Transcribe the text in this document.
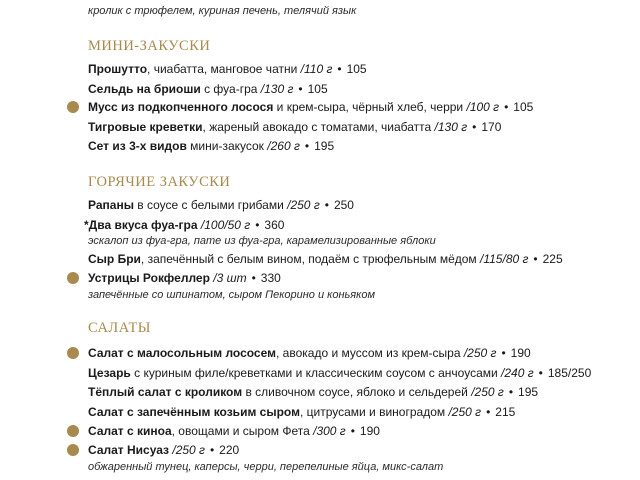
кролик с трюфелем, куриная печень, телячий язык
МИНИ-ЗАКУСКИ
Прошутто, чиабатта, манговое чатни /110 г • 105
Сельдь на бриоши с фуа-гра /130 г • 105
Мусс из подкопченного лосося и крем-сыра, чёрный хлеб, черри /100 г • 105
Тигровые креветки, жареный авокадо с томатами, чиабатта /130 г • 170
Сет из 3-х видов мини-закусок /260 г • 195
ГОРЯЧИЕ ЗАКУСКИ
Рапаны в соусе с белыми грибами /250 г • 250
*Два вкуса фуа-гра /100/50 г • 360
эскалоп из фуа-гра, пате из фуа-гра, карамелизированные яблоки
Сыр Бри, запечённый с белым вином, подаём с трюфельным мёдом /115/80 г • 225
Устрицы Рокфеллер /3 шт • 330
запечённые со шпинатом, сыром Пекорино и коньяком
САЛАТЫ
Салат с малосольным лососем, авокадо и муссом из крем-сыра /250 г • 190
Цезарь с куриным филе/креветками и классическим соусом с анчоусами /240 г • 185/250
Тёплый салат с кроликом в сливочном соусе, яблоко и сельдерей /250 г • 195
Салат с запечённым козьим сыром, цитрусами и виноградом /250 г • 215
Салат с киноа, овощами и сыром Фета /300 г • 190
Салат Нисуаз /250 г • 220
обжаренный тунец, каперсы, черри, перепелиные яйца, микс-салат
